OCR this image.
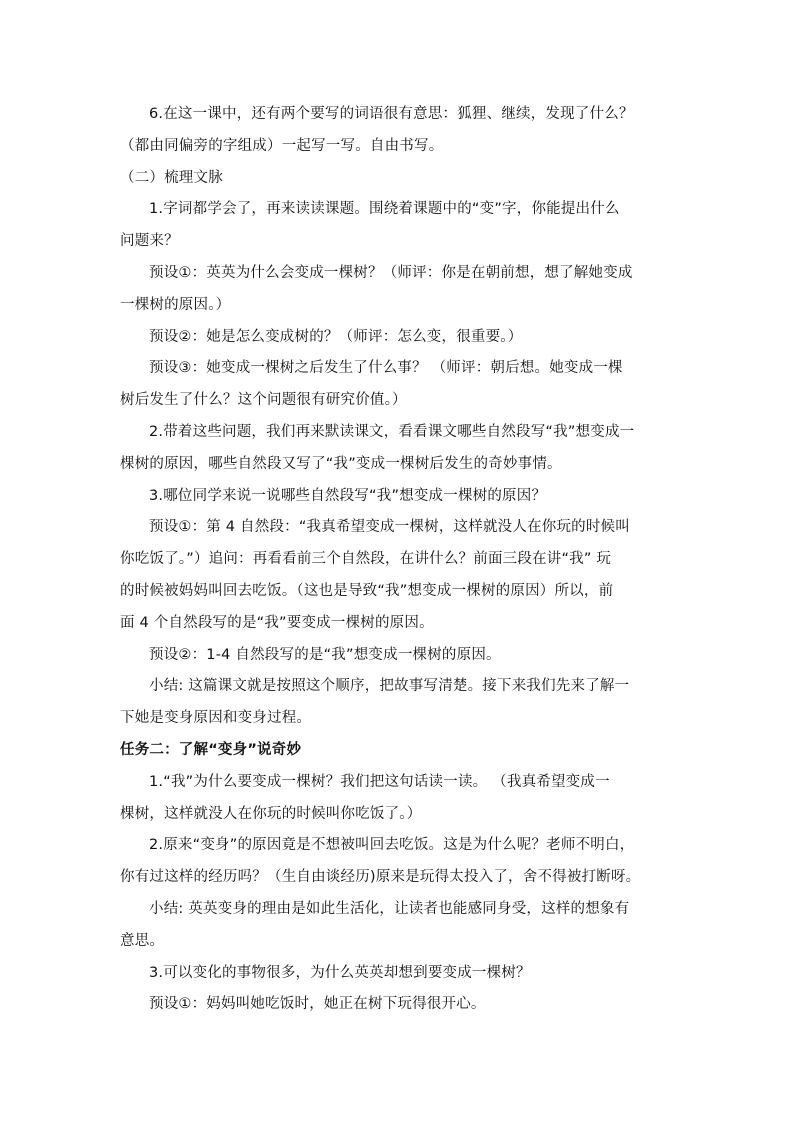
6.在这一课中，还有两个要写的词语很有意思：狐狸、继续，发现了什么？
（都由同偏旁的字组成）一起写一写。自由书写。
（二）梳理文脉
1.字词都学会了，再来读读课题。围绕着课题中的“变”字，你能提出什么
问题来？
预设①：英英为什么会变成一棵树？（师评：你是在朝前想，想了解她变成
一棵树的原因。）
预设②：她是怎么变成树的？（师评：怎么变，很重要。）
预设③：她变成一棵树之后发生了什么事？ （师评：朝后想。她变成一棵
树后发生了什么？这个问题很有研究价值。）
2.带着这些问题，我们再来默读课文，看看课文哪些自然段写“我”想变成一
棵树的原因，哪些自然段又写了“我”变成一棵树后发生的奇妙事情。
3.哪位同学来说一说哪些自然段写“我”想变成一棵树的原因？
预设①：第 4 自然段：“我真希望变成一棵树，这样就没人在你玩的时候叫
你吃饭了。”）追问：再看看前三个自然段，在讲什么？前面三段在讲“我” 玩
的时候被妈妈叫回去吃饭。（这也是导致“我”想变成一棵树的原因）所以，前
面 4 个自然段写的是“我”要变成一棵树的原因。
预设②：1-4 自然段写的是“我”想变成一棵树的原因。
小结: 这篇课文就是按照这个顺序，把故事写清楚。接下来我们先来了解一
下她是变身原因和变身过程。
任务二：了解“变身”说奇妙
1.“我”为什么要变成一棵树？我们把这句话读一读。 （我真希望变成一
棵树，这样就没人在你玩的时候叫你吃饭了。）
2.原来“变身”的原因竟是不想被叫回去吃饭。这是为什么呢？老师不明白，
你有过这样的经历吗？（生自由谈经历)原来是玩得太投入了，舍不得被打断呀。
小结: 英英变身的理由是如此生活化，让读者也能感同身受，这样的想象有
意思。
3.可以变化的事物很多，为什么英英却想到要变成一棵树？
预设①：妈妈叫她吃饭时，她正在树下玩得很开心。
